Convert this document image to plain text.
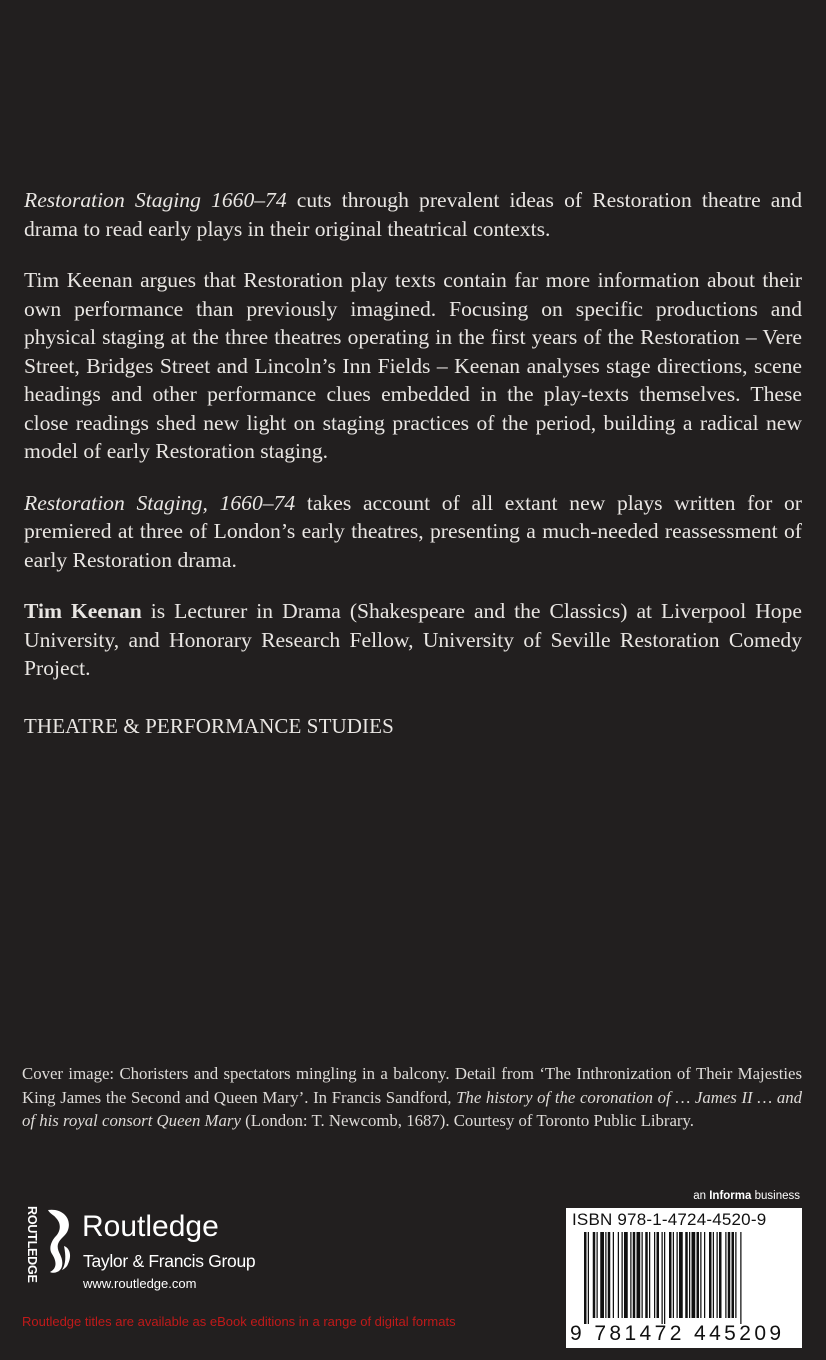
Restoration Staging 1660–74 cuts through prevalent ideas of Restoration theatre and drama to read early plays in their original theatrical contexts.

Tim Keenan argues that Restoration play texts contain far more information about their own performance than previously imagined. Focusing on specific productions and physical staging at the three theatres operating in the first years of the Restoration – Vere Street, Bridges Street and Lincoln’s Inn Fields – Keenan analyses stage directions, scene headings and other performance clues embedded in the play-texts themselves. These close readings shed new light on staging practices of the period, building a radical new model of early Restoration staging.

Restoration Staging, 1660–74 takes account of all extant new plays written for or premiered at three of London’s early theatres, presenting a much-needed reassessment of early Restoration drama.

Tim Keenan is Lecturer in Drama (Shakespeare and the Classics) at Liverpool Hope University, and Honorary Research Fellow, University of Seville Restoration Comedy Project.

THEATRE & PERFORMANCE STUDIES
Cover image: Choristers and spectators mingling in a balcony. Detail from ‘The Inthronization of Their Majesties King James the Second and Queen Mary’. In Francis Sandford, The history of the coronation of … James II … and of his royal consort Queen Mary (London: T. Newcomb, 1687). Courtesy of Toronto Public Library.
ROUTLEDGE Routledge
Taylor & Francis Group
www.routledge.com
Routledge titles are available as eBook editions in a range of digital formats
an Informa business
ISBN 978-1-4724-4520-9
9 781472 445209
